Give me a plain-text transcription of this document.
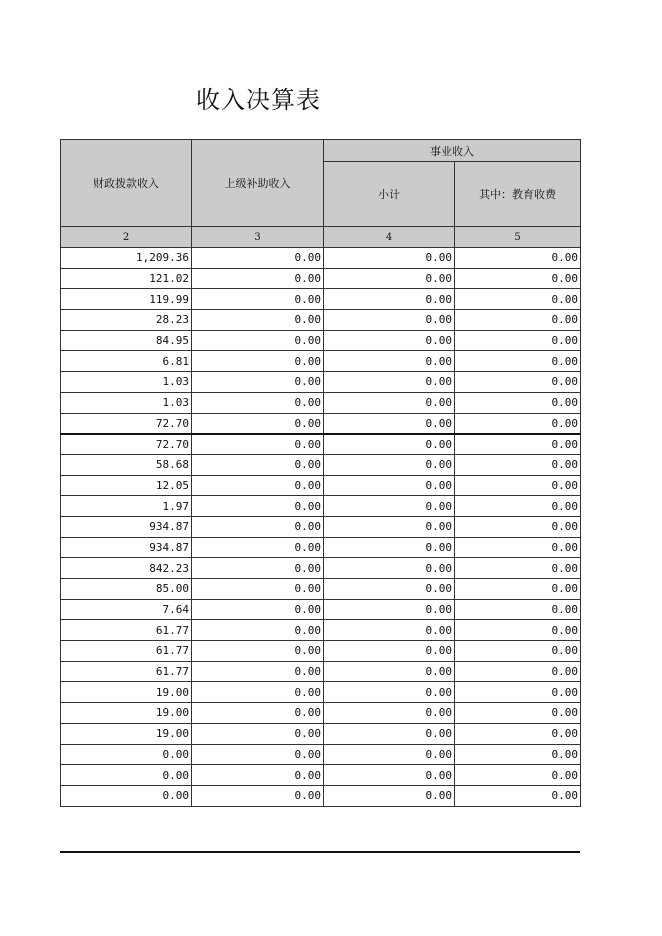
收入决算表
财政拨款收入	上级补助收入	事业收入	
		小计	其中：教育收费
2	3	4	5
1,209.36	0.00	0.00	0.00
121.02	0.00	0.00	0.00
119.99	0.00	0.00	0.00
28.23	0.00	0.00	0.00
84.95	0.00	0.00	0.00
6.81	0.00	0.00	0.00
1.03	0.00	0.00	0.00
1.03	0.00	0.00	0.00
72.70	0.00	0.00	0.00
72.70	0.00	0.00	0.00
58.68	0.00	0.00	0.00
12.05	0.00	0.00	0.00
1.97	0.00	0.00	0.00
934.87	0.00	0.00	0.00
934.87	0.00	0.00	0.00
842.23	0.00	0.00	0.00
85.00	0.00	0.00	0.00
7.64	0.00	0.00	0.00
61.77	0.00	0.00	0.00
61.77	0.00	0.00	0.00
61.77	0.00	0.00	0.00
19.00	0.00	0.00	0.00
19.00	0.00	0.00	0.00
19.00	0.00	0.00	0.00
0.00	0.00	0.00	0.00
0.00	0.00	0.00	0.00
0.00	0.00	0.00	0.00
